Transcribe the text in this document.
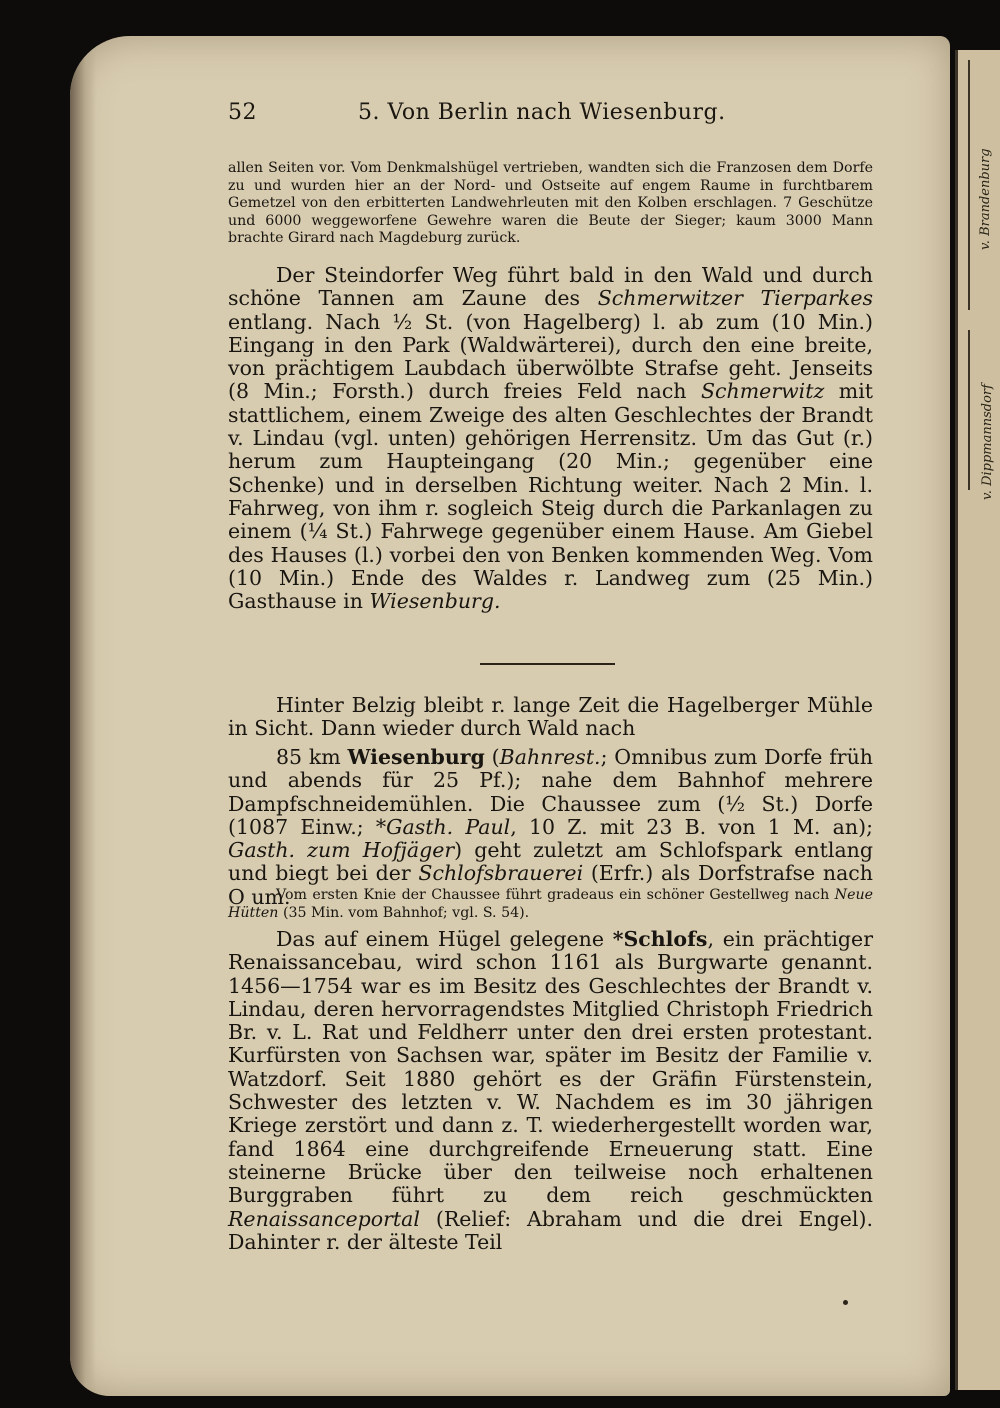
v. Brandenburg
v. Dippmannsdorf
52	5. Von Berlin nach Wiesenburg.
allen Seiten vor. Vom Denkmalshügel vertrieben, wandten sich die Franzosen dem Dorfe zu und wurden hier an der Nord- und Ostseite auf engem Raume in furchtbarem Gemetzel von den erbitterten Landwehrleuten mit den Kolben erschlagen. 7 Geschütze und 6000 weggeworfene Gewehre waren die Beute der Sieger; kaum 3000 Mann brachte Girard nach Magdeburg zurück.
Der Steindorfer Weg führt bald in den Wald und durch schöne Tannen am Zaune des Schmerwitzer Tierparkes entlang. Nach ½ St. (von Hagelberg) l. ab zum (10 Min.) Eingang in den Park (Waldwärterei), durch den eine breite, von prächtigem Laubdach überwölbte Strafse geht. Jenseits (8 Min.; Forsth.) durch freies Feld nach Schmerwitz mit stattlichem, einem Zweige des alten Geschlechtes der Brandt v. Lindau (vgl. unten) gehörigen Herrensitz. Um das Gut (r.) herum zum Haupteingang (20 Min.; gegenüber eine Schenke) und in derselben Richtung weiter. Nach 2 Min. l. Fahrweg, von ihm r. sogleich Steig durch die Parkanlagen zu einem (¼ St.) Fahrwege gegenüber einem Hause. Am Giebel des Hauses (l.) vorbei den von Benken kommenden Weg. Vom (10 Min.) Ende des Waldes r. Landweg zum (25 Min.) Gasthause in Wiesenburg.
Hinter Belzig bleibt r. lange Zeit die Hagelberger Mühle in Sicht. Dann wieder durch Wald nach
85 km Wiesenburg (Bahnrest.; Omnibus zum Dorfe früh und abends für 25 Pf.); nahe dem Bahnhof mehrere Dampfschneidemühlen. Die Chaussee zum (½ St.) Dorfe (1087 Einw.; *Gasth. Paul, 10 Z. mit 23 B. von 1 M. an); Gasth. zum Hofjäger) geht zuletzt am Schlofspark entlang und biegt bei der Schlofsbrauerei (Erfr.) als Dorfstrafse nach O um.
Vom ersten Knie der Chaussee führt gradeaus ein schöner Gestellweg nach Neue Hütten (35 Min. vom Bahnhof; vgl. S. 54).
Das auf einem Hügel gelegene *Schlofs, ein prächtiger Renaissancebau, wird schon 1161 als Burgwarte genannt. 1456—1754 war es im Besitz des Geschlechtes der Brandt v. Lindau, deren hervorragendstes Mitglied Christoph Friedrich Br. v. L. Rat und Feldherr unter den drei ersten protestant. Kurfürsten von Sachsen war, später im Besitz der Familie v. Watzdorf. Seit 1880 gehört es der Gräfin Fürstenstein, Schwester des letzten v. W. Nachdem es im 30 jährigen Kriege zerstört und dann z. T. wiederhergestellt worden war, fand 1864 eine durchgreifende Erneuerung statt. Eine steinerne Brücke über den teilweise noch erhaltenen Burggraben führt zu dem reich geschmückten Renaissanceportal (Relief: Abraham und die drei Engel). Dahinter r. der älteste Teil
